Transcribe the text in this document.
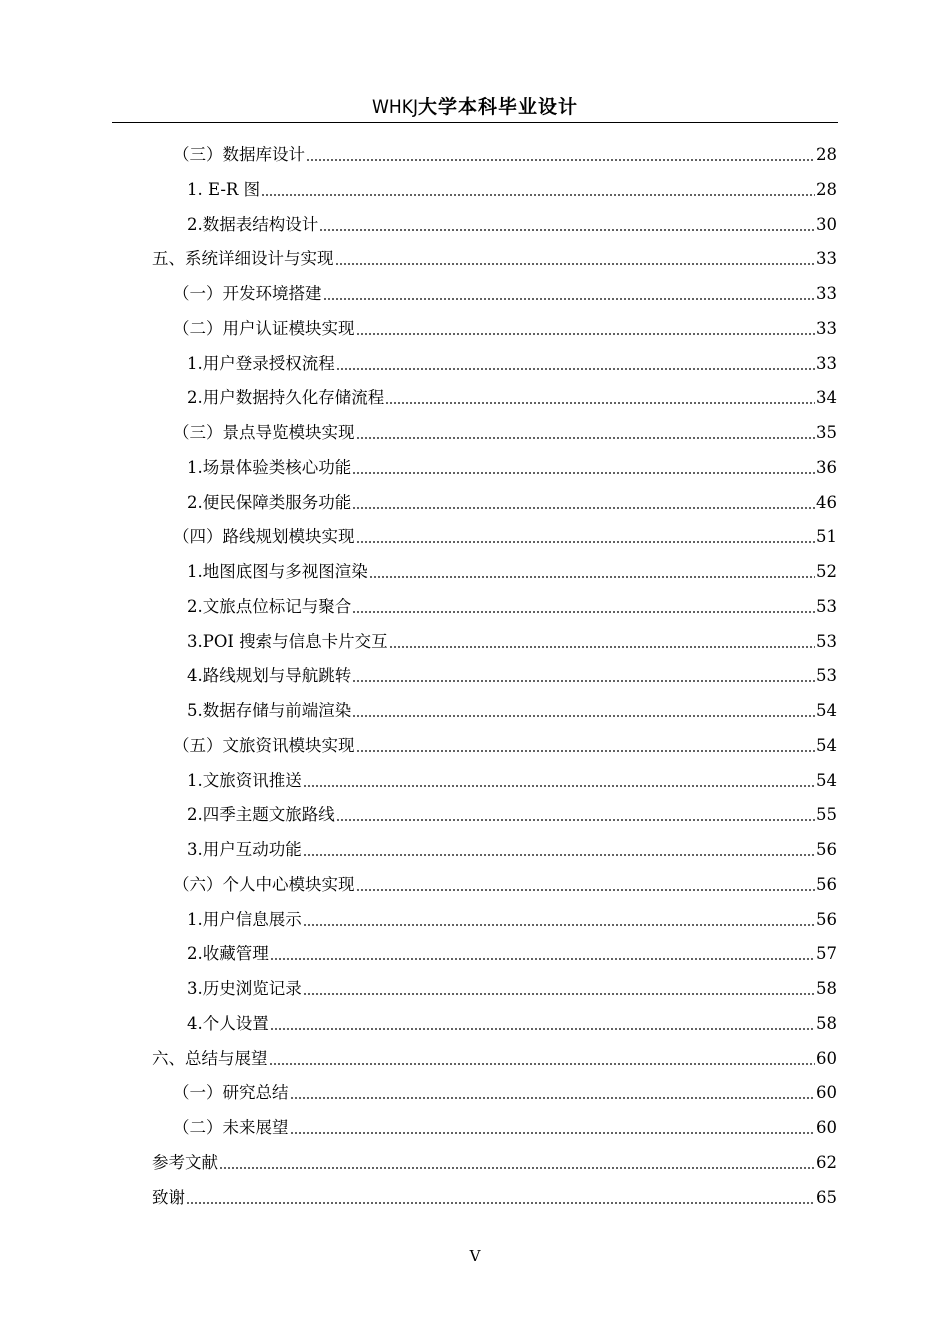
WHKJ大学本科毕业设计
（三）数据库设计	28
1. E-R 图	28
2.数据表结构设计	30
五、系统详细设计与实现	33
（一）开发环境搭建	33
（二）用户认证模块实现	33
1.用户登录授权流程	33
2.用户数据持久化存储流程	34
（三）景点导览模块实现	35
1.场景体验类核心功能	36
2.便民保障类服务功能	46
（四）路线规划模块实现	51
1.地图底图与多视图渲染	52
2.文旅点位标记与聚合	53
3.POI 搜索与信息卡片交互	53
4.路线规划与导航跳转	53
5.数据存储与前端渲染	54
（五）文旅资讯模块实现	54
1.文旅资讯推送	54
2.四季主题文旅路线	55
3.用户互动功能	56
（六）个人中心模块实现	56
1.用户信息展示	56
2.收藏管理	57
3.历史浏览记录	58
4.个人设置	58
六、总结与展望	60
（一）研究总结	60
（二）未来展望	60
参考文献	62
致谢	65
V
